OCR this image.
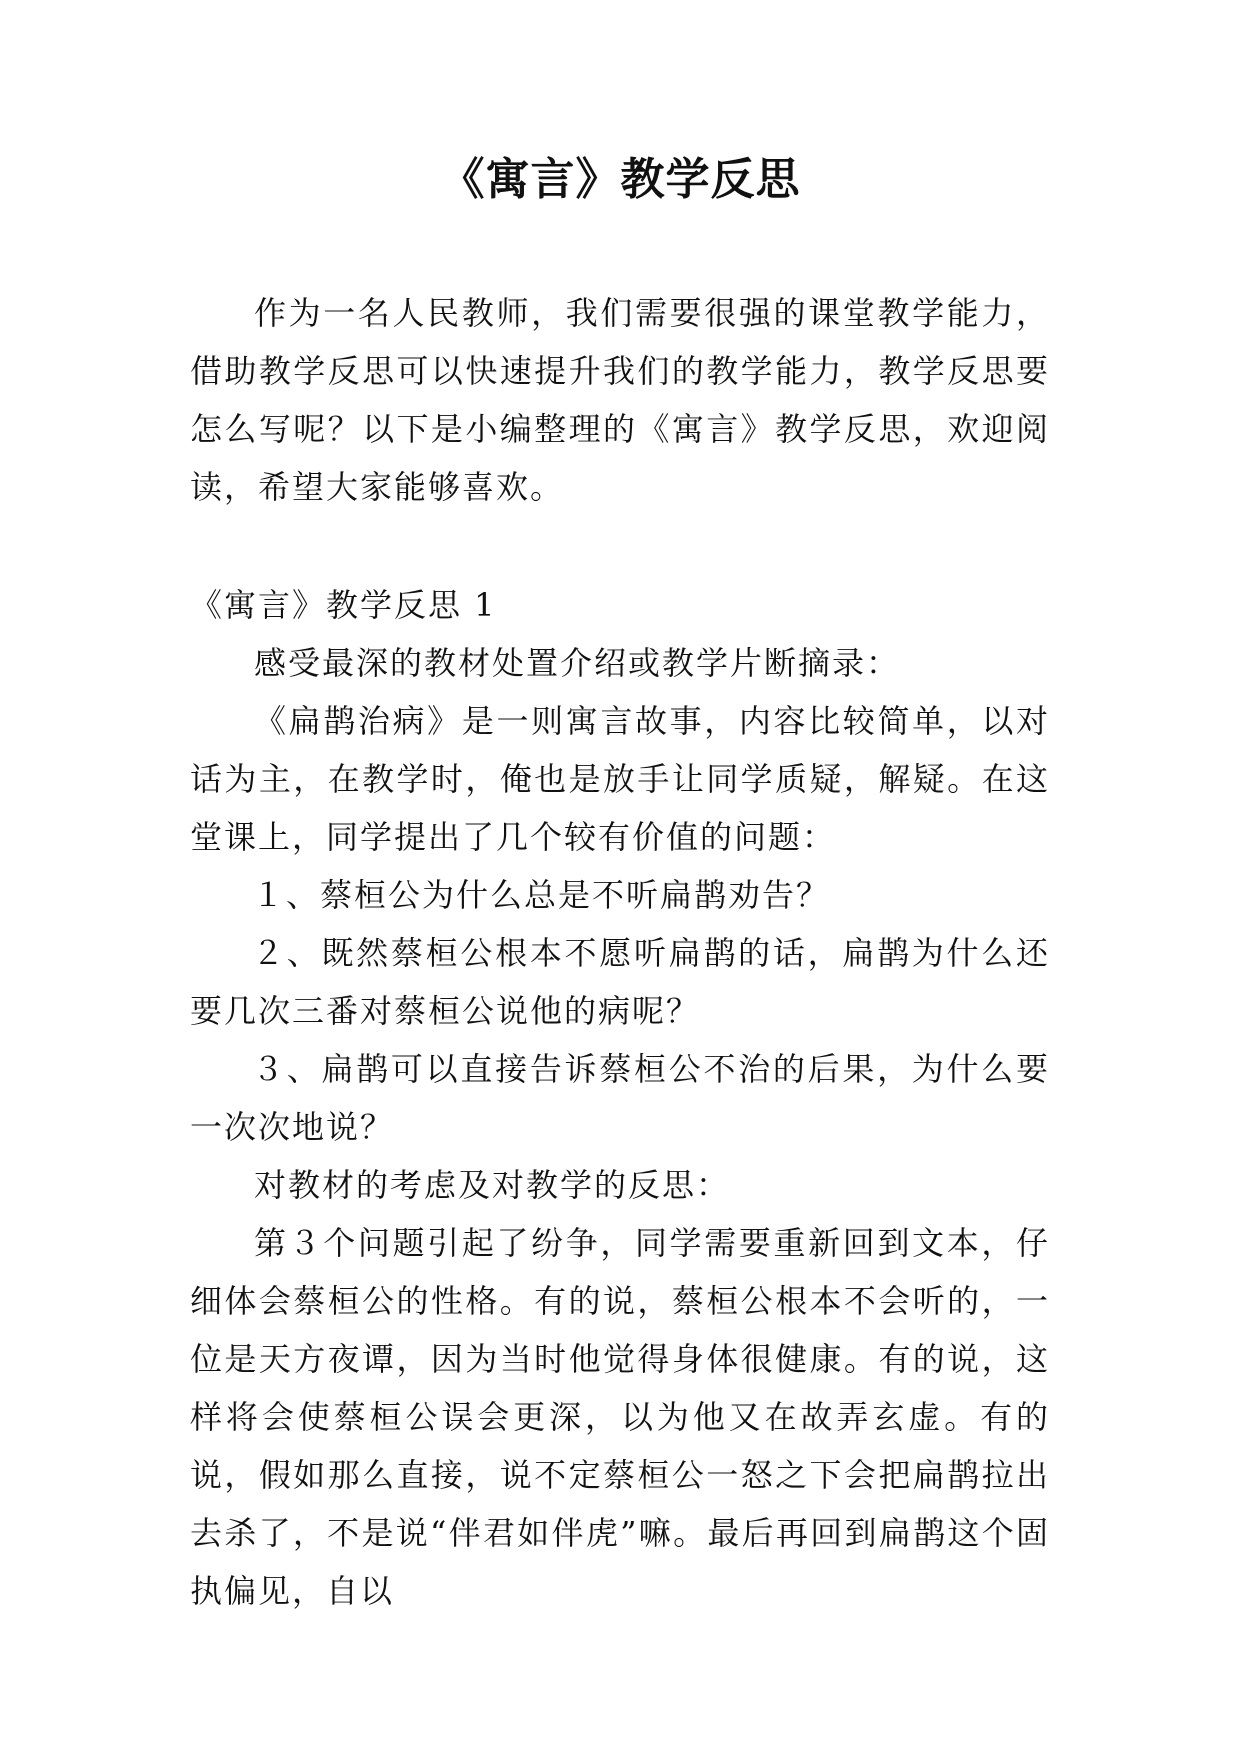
《寓言》教学反思

作为一名人民教师，我们需要很强的课堂教学能力，借助教学反思可以快速提升我们的教学能力，教学反思要怎么写呢？以下是小编整理的《寓言》教学反思，欢迎阅读，希望大家能够喜欢。

《寓言》教学反思 1

感受最深的教材处置介绍或教学片断摘录：

《扁鹊治病》是一则寓言故事，内容比较简单，以对话为主，在教学时，俺也是放手让同学质疑，解疑。在这堂课上，同学提出了几个较有价值的问题：

１、蔡桓公为什么总是不听扁鹊劝告？

２、既然蔡桓公根本不愿听扁鹊的话，扁鹊为什么还要几次三番对蔡桓公说他的病呢？

３、扁鹊可以直接告诉蔡桓公不治的后果，为什么要一次次地说？

对教材的考虑及对教学的反思：

第３个问题引起了纷争，同学需要重新回到文本，仔细体会蔡桓公的性格。有的说，蔡桓公根本不会听的，一位是天方夜谭，因为当时他觉得身体很健康。有的说，这样将会使蔡桓公误会更深，以为他又在故弄玄虚。有的说，假如那么直接，说不定蔡桓公一怒之下会把扁鹊拉出去杀了，不是说“伴君如伴虎”嘛。最后再回到扁鹊这个固执偏见，自以
